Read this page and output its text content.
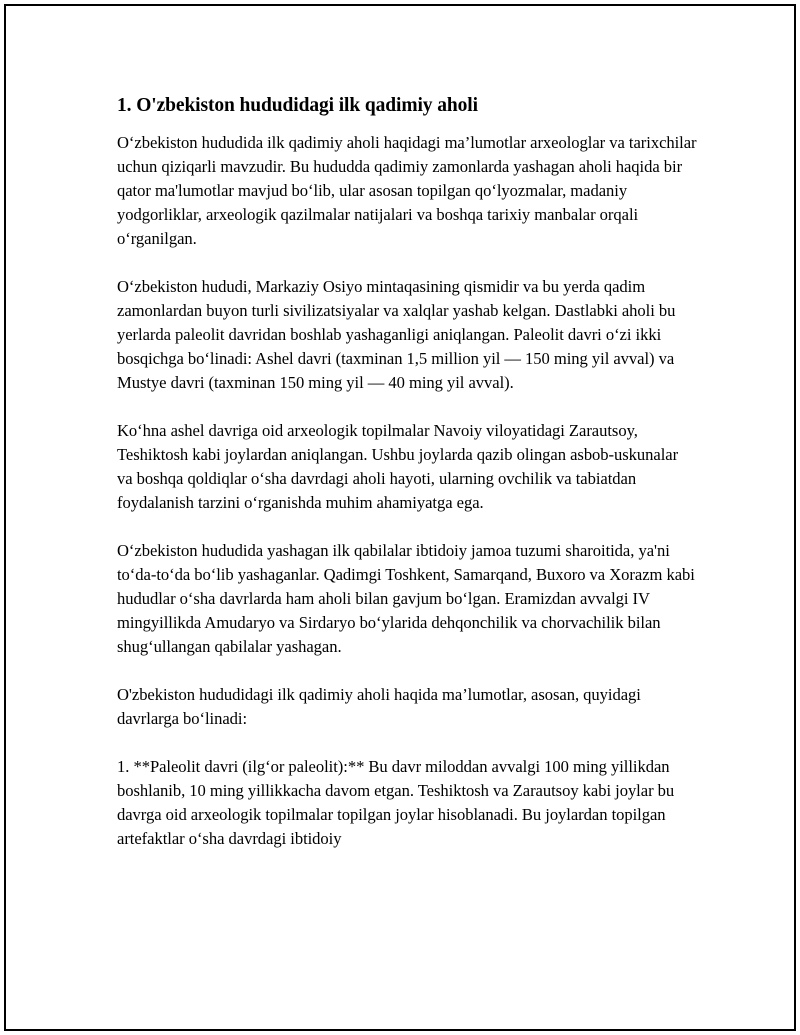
1. O'zbekiston hududidagi ilk qadimiy aholi

O‘zbekiston hududida ilk qadimiy aholi haqidagi ma’lumotlar arxeologlar va tarixchilar uchun qiziqarli mavzudir. Bu hududda qadimiy zamonlarda yashagan aholi haqida bir qator ma'lumotlar mavjud bo‘lib, ular asosan topilgan qo‘lyozmalar, madaniy yodgorliklar, arxeologik qazilmalar natijalari va boshqa tarixiy manbalar orqali o‘rganilgan.

O‘zbekiston hududi, Markaziy Osiyo mintaqasining qismidir va bu yerda qadim zamonlardan buyon turli sivilizatsiyalar va xalqlar yashab kelgan. Dastlabki aholi bu yerlarda paleolit davridan boshlab yashaganligi aniqlangan. Paleolit davri o‘zi ikki bosqichga bo‘linadi: Ashel davri (taxminan 1,5 million yil — 150 ming yil avval) va Mustye davri (taxminan 150 ming yil — 40 ming yil avval).

Ko‘hna ashel davriga oid arxeologik topilmalar Navoiy viloyatidagi Zarautsoy, Teshiktosh kabi joylardan aniqlangan. Ushbu joylarda qazib olingan asbob-uskunalar va boshqa qoldiqlar o‘sha davrdagi aholi hayoti, ularning ovchilik va tabiatdan foydalanish tarzini o‘rganishda muhim ahamiyatga ega.

O‘zbekiston hududida yashagan ilk qabilalar ibtidoiy jamoa tuzumi sharoitida, ya'ni to‘da-to‘da bo‘lib yashaganlar. Qadimgi Toshkent, Samarqand, Buxoro va Xorazm kabi hududlar o‘sha davrlarda ham aholi bilan gavjum bo‘lgan. Eramizdan avvalgi IV mingyillikda Amudaryo va Sirdaryo bo‘ylarida dehqonchilik va chorvachilik bilan shug‘ullangan qabilalar yashagan.

O'zbekiston hududidagi ilk qadimiy aholi haqida ma’lumotlar, asosan, quyidagi davrlarga bo‘linadi:

1. **Paleolit davri (ilg‘or paleolit):** Bu davr miloddan avvalgi 100 ming yillikdan boshlanib, 10 ming yillikkacha davom etgan. Teshiktosh va Zarautsoy kabi joylar bu davrga oid arxeologik topilmalar topilgan joylar hisoblanadi. Bu joylardan topilgan artefaktlar o‘sha davrdagi ibtidoiy
